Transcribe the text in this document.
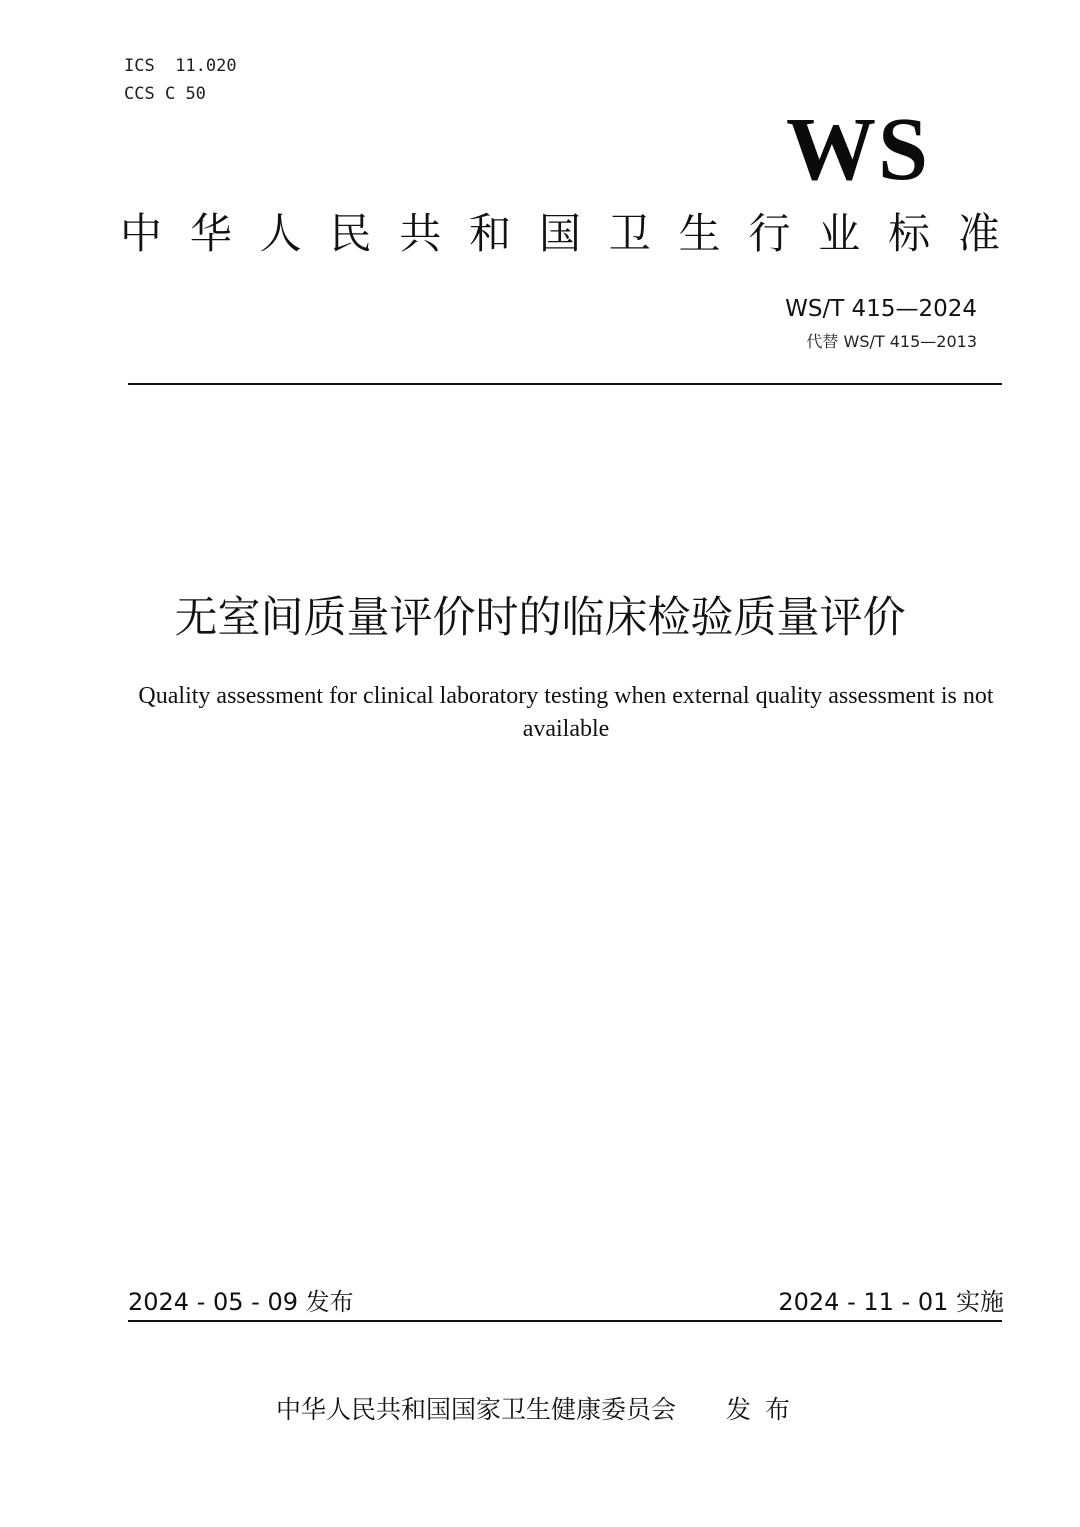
ICS 11.020
CCS C 50
WS
中 华 人 民 共 和 国 卫 生 行 业 标 准
WS/T 415—2024
代替 WS/T 415—2013
无室间质量评价时的临床检验质量评价
Quality assessment for clinical laboratory testing when external quality assessment is not available
2024 - 05 - 09 发布	2024 - 11 - 01 实施
中华人民共和国国家卫生健康委员会 发布
